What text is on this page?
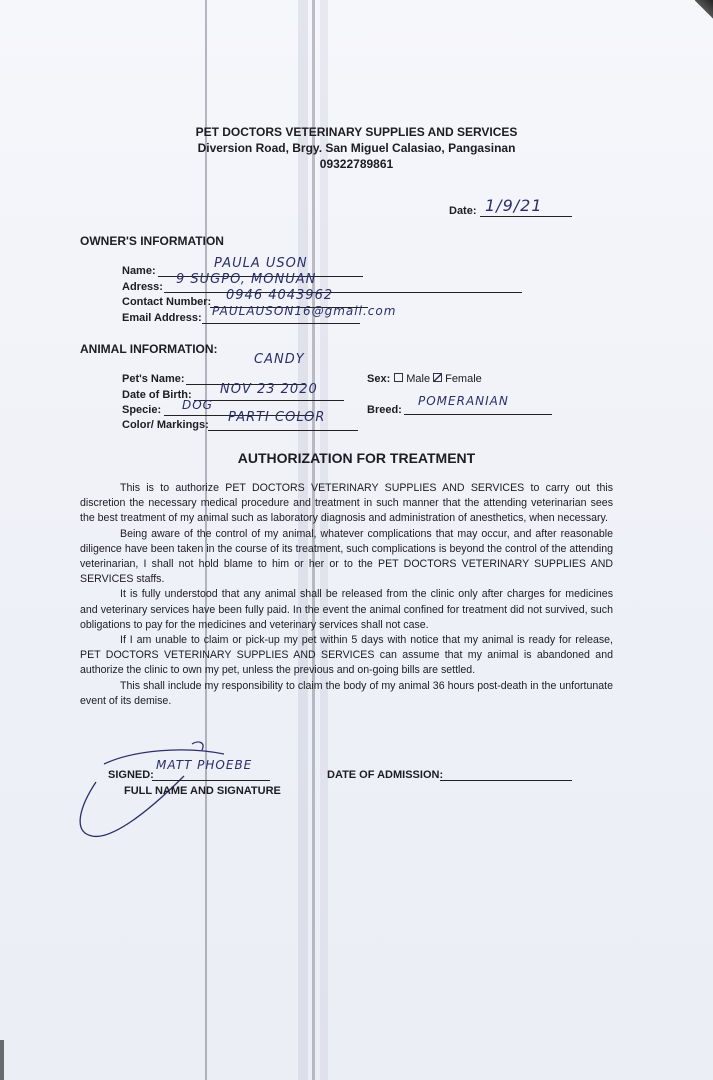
PET DOCTORS VETERINARY SUPPLIES AND SERVICES
Diversion Road, Brgy. San Miguel Calasiao, Pangasinan
09322789861
Date: 1/9/21
OWNER'S INFORMATION
Name:	PAULA USON
Adress: 9 SUGPO, MONUAN
Contact Number: 0946 4043962
Email Address: PAULAUSON16@gmail.com
ANIMAL INFORMATION:
Pet's Name:
CANDY
Date of Birth: NOV 23 2020
Specie: DOG
Color/ Markings: PARTI COLOR
Sex: Male Female
Breed:
POMERANIAN
AUTHORIZATION FOR TREATMENT

This is to authorize PET DOCTORS VETERINARY SUPPLIES AND SERVICES to carry out this discretion the necessary medical procedure and treatment in such manner that the attending veterinarian sees the best treatment of my animal such as laboratory diagnosis and administration of anesthetics, when necessary.

Being aware of the control of my animal, whatever complications that may occur, and after reasonable diligence have been taken in the course of its treatment, such complications is beyond the control of the attending veterinarian, I shall not hold blame to him or her or to the PET DOCTORS VETERINARY SUPPLIES AND SERVICES staffs.

It is fully understood that any animal shall be released from the clinic only after charges for medicines and veterinary services have been fully paid. In the event the animal confined for treatment did not survived, such obligations to pay for the medicines and veterinary services shall not case.

If I am unable to claim or pick-up my pet within 5 days with notice that my animal is ready for release, PET DOCTORS VETERINARY SUPPLIES AND SERVICES can assume that my animal is abandoned and authorize the clinic to own my pet, unless the previous and on-going bills are settled.

This shall include my responsibility to claim the body of my animal 36 hours post-death in the unfortunate event of its demise.

SIGNED:
MATT PHOEBE
FULL NAME AND SIGNATURE
DATE OF ADMISSION:
